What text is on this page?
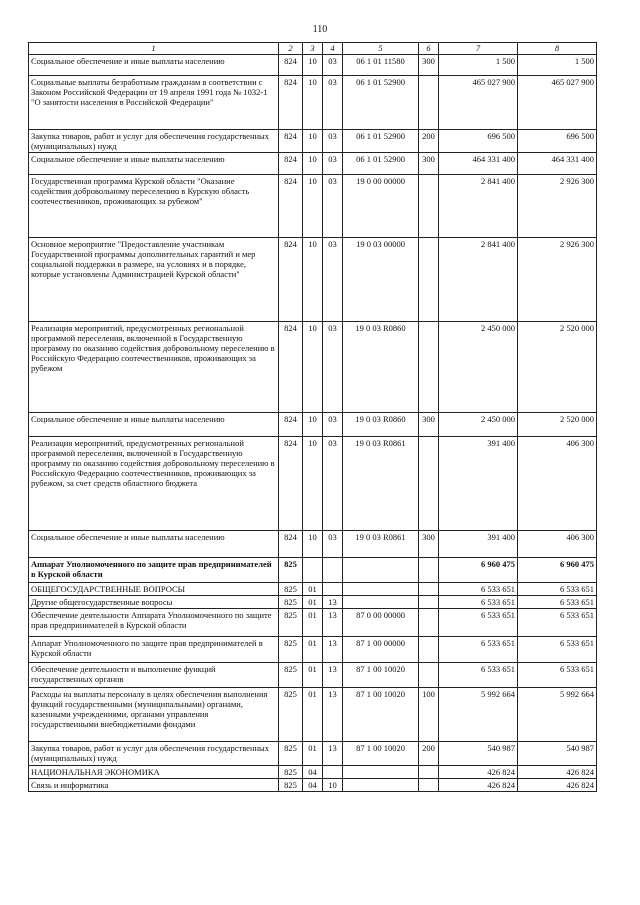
110
1	2	3	4	5	6	7	8
Социальное обеспечение и иные выплаты населению	824	10	03	06 1 01 11580	300	1 500	1 500
Социальные выплаты безработным гражданам в соответствии с Законом Российской Федерации от 19 апреля 1991 года № 1032-1 "О занятости населения в Российской Федерации"	824	10	03	06 1 01 52900		465 027 900	465 027 900
Закупка товаров, работ и услуг для обеспечения государственных (муниципальных) нужд	824	10	03	06 1 01 52900	200	696 500	696 500
Социальное обеспечение и иные выплаты населению	824	10	03	06 1 01 52900	300	464 331 400	464 331 400
Государственная программа Курской области "Оказание содействия добровольному переселению в Курскую область соотечественников, проживающих за рубежом"	824	10	03	19 0 00 00000		2 841 400	2 926 300
Основное мероприятие "Предоставление участникам Государственной программы дополнительных гарантий и мер социальной поддержки в размере, на условиях и в порядке, которые установлены Администрацией Курской области"	824	10	03	19 0 03 00000		2 841 400	2 926 300
Реализация мероприятий, предусмотренных региональной программой переселения, включенной в Государственную программу по оказанию содействия добровольному переселению в Российскую Федерацию соотечественников, проживающих за рубежом	824	10	03	19 0 03 R0860		2 450 000	2 520 000
Социальное обеспечение и иные выплаты населению	824	10	03	19 0 03 R0860	300	2 450 000	2 520 000
Реализация мероприятий, предусмотренных региональной программой переселения, включенной в Государственную программу по оказанию содействия добровольному переселению в Российскую Федерацию соотечественников, проживающих за рубежом, за счет средств областного бюджета	824	10	03	19 0 03 R0861		391 400	406 300
Социальное обеспечение и иные выплаты населению	824	10	03	19 0 03 R0861	300	391 400	406 300
Аппарат Уполномоченного по защите прав предпринимателей в Курской области	825					6 960 475	6 960 475
ОБЩЕГОСУДАРСТВЕННЫЕ ВОПРОСЫ	825	01				6 533 651	6 533 651
Другие общегосударственные вопросы	825	01	13			6 533 651	6 533 651
Обеспечение деятельности Аппарата Уполномоченного по защите прав предпринимателей в Курской области	825	01	13	87 0 00 00000		6 533 651	6 533 651
Аппарат Уполномоченного по защите прав предпринимателей в Курской области	825	01	13	87 1 00 00000		6 533 651	6 533 651
Обеспечение деятельности и выполнение функций государственных органов	825	01	13	87 1 00 10020		6 533 651	6 533 651
Расходы на выплаты персоналу в целях обеспечения выполнения функций государственными (муниципальными) органами, казенными учреждениями, органами управления государственными внебюджетными фондами	825	01	13	87 1 00 10020	100	5 992 664	5 992 664
Закупка товаров, работ и услуг для обеспечения государственных (муниципальных) нужд	825	01	13	87 1 00 10020	200	540 987	540 987
НАЦИОНАЛЬНАЯ ЭКОНОМИКА	825	04				426 824	426 824
Связь и информатика	825	04	10			426 824	426 824
